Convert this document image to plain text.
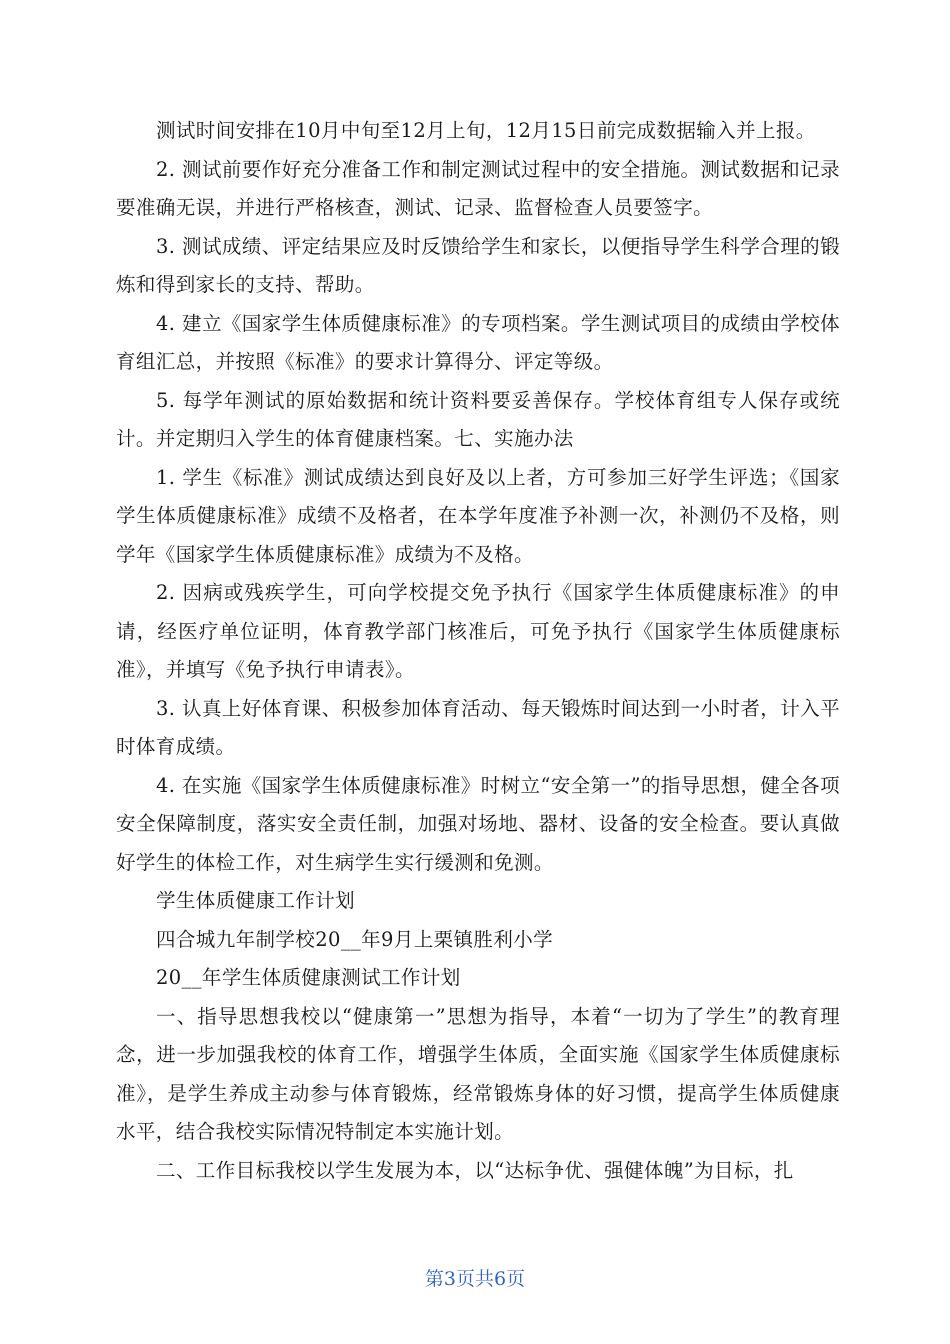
测试时间安排在10月中旬至12月上旬，12月15日前完成数据输入并上报。

2. 测试前要作好充分准备工作和制定测试过程中的安全措施。测试数据和记录要准确无误，并进行严格核查，测试、记录、监督检查人员要签字。

3. 测试成绩、评定结果应及时反馈给学生和家长，以便指导学生科学合理的锻炼和得到家长的支持、帮助。

4. 建立《国家学生体质健康标准》的专项档案。学生测试项目的成绩由学校体育组汇总，并按照《标准》的要求计算得分、评定等级。

5. 每学年测试的原始数据和统计资料要妥善保存。学校体育组专人保存或统计。并定期归入学生的体育健康档案。七、实施办法

1. 学生《标准》测试成绩达到良好及以上者，方可参加三好学生评选；《国家学生体质健康标准》成绩不及格者，在本学年度准予补测一次，补测仍不及格，则学年《国家学生体质健康标准》成绩为不及格。

2. 因病或残疾学生，可向学校提交免予执行《国家学生体质健康标准》的申请，经医疗单位证明，体育教学部门核准后，可免予执行《国家学生体质健康标准》，并填写《免予执行申请表》。

3. 认真上好体育课、积极参加体育活动、每天锻炼时间达到一小时者，计入平时体育成绩。

4. 在实施《国家学生体质健康标准》时树立“安全第一”的指导思想，健全各项安全保障制度，落实安全责任制，加强对场地、器材、设备的安全检查。要认真做好学生的体检工作，对生病学生实行缓测和免测。

学生体质健康工作计划

四合城九年制学校20__年9月上栗镇胜利小学

20__年学生体质健康测试工作计划

一、指导思想我校以“健康第一”思想为指导，本着“一切为了学生”的教育理念，进一步加强我校的体育工作，增强学生体质，全面实施《国家学生体质健康标准》，是学生养成主动参与体育锻炼，经常锻炼身体的好习惯，提高学生体质健康水平，结合我校实际情况特制定本实施计划。

二、工作目标我校以学生发展为本，以“达标争优、强健体魄”为目标，扎

第3页共6页
